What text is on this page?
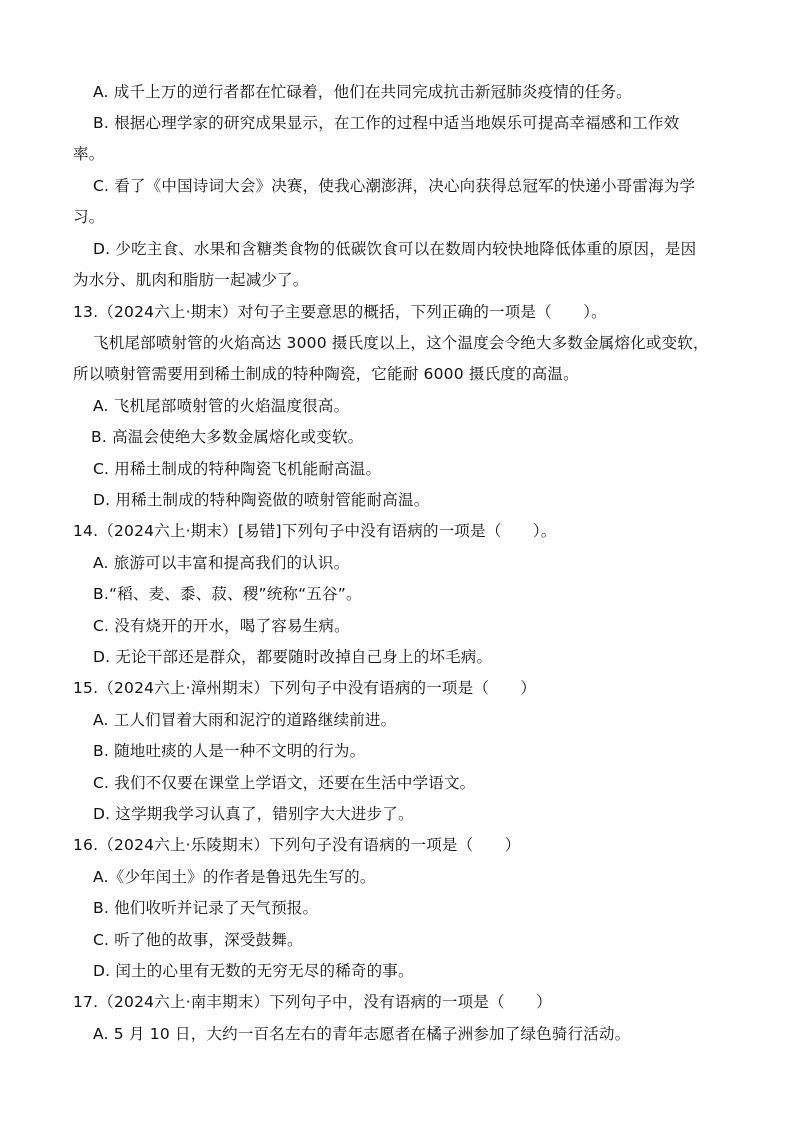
A. 成千上万的逆行者都在忙碌着，他们在共同完成抗击新冠肺炎疫情的任务。
B. 根据心理学家的研究成果显示，在工作的过程中适当地娱乐可提高幸福感和工作效
率。
C. 看了《中国诗词大会》决赛，使我心潮澎湃，决心向获得总冠军的快递小哥雷海为学
习。
D. 少吃主食、水果和含糖类食物的低碳饮食可以在数周内较快地降低体重的原因，是因
为水分、肌肉和脂肪一起减少了。
13.（2024六上·期末）对句子主要意思的概括，下列正确的一项是（　　）。
飞机尾部喷射管的火焰高达 3000 摄氏度以上，这个温度会令绝大多数金属熔化或变软，
所以喷射管需要用到稀土制成的特种陶瓷，它能耐 6000 摄氏度的高温。
A. 飞机尾部喷射管的火焰温度很高。
B. 高温会使绝大多数金属熔化或变软。
C. 用稀土制成的特种陶瓷飞机能耐高温。
D. 用稀土制成的特种陶瓷做的喷射管能耐高温。
14.（2024六上·期末）[易错]下列句子中没有语病的一项是（　　）。
A. 旅游可以丰富和提高我们的认识。
B.“稻、麦、黍、菽、稷”统称“五谷”。
C. 没有烧开的开水，喝了容易生病。
D. 无论干部还是群众，都要随时改掉自己身上的坏毛病。
15.（2024六上·漳州期末）下列句子中没有语病的一项是（　　）
A. 工人们冒着大雨和泥泞的道路继续前进。
B. 随地吐痰的人是一种不文明的行为。
C. 我们不仅要在课堂上学语文，还要在生活中学语文。
D. 这学期我学习认真了，错别字大大进步了。
16.（2024六上·乐陵期末）下列句子没有语病的一项是（　　）
A.《少年闰土》的作者是鲁迅先生写的。
B. 他们收听并记录了天气预报。
C. 听了他的故事，深受鼓舞。
D. 闰土的心里有无数的无穷无尽的稀奇的事。
17.（2024六上·南丰期末）下列句子中，没有语病的一项是（　　）
A. 5 月 10 日，大约一百名左右的青年志愿者在橘子洲参加了绿色骑行活动。
